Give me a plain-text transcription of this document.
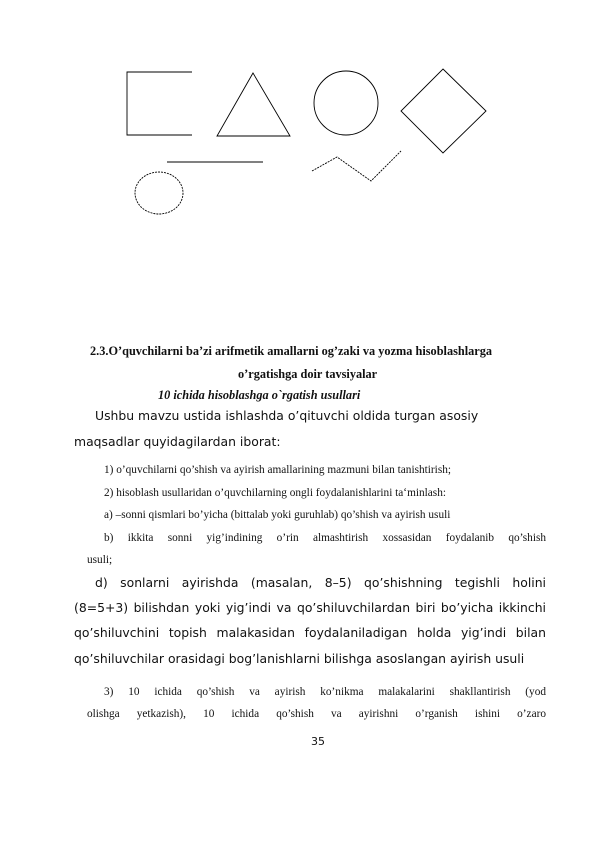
2.3.O’quvchilarni ba’zi arifmetik amallarni og’zaki va yozma hisoblashlarga

o’rgatishga doir tavsiyalar

10 ichida hisoblashga o`rgatish usullari

Ushbu mavzu ustida ishlashda o’qituvchi oldida turgan asosiy

maqsadlar quyidagilardan iborat:

1) o’quvchilarni qo’shish va ayirish amallarining mazmuni bilan tanishtirish;

2) hisoblash usullaridan o’quvchilarning ongli foydalanishlarini ta‘minlash:

a) –sonni qismlari bo’yicha (bittalab yoki guruhlab) qo’shish va ayirish usuli

b) ikkita sonni yig’indining o’rin almashtirish xossasidan foydalanib qo’shish

usuli;

d) sonlarni ayirishda (masalan, 8–5) qo’shishning tegishli holini

(8=5+3) bilishdan yoki yig’indi va qo’shiluvchilardan biri bo’yicha ikkinchi

qo’shiluvchini topish malakasidan foydalaniladigan holda yig’indi bilan

qo’shiluvchilar orasidagi bog’lanishlarni bilishga asoslangan ayirish usuli

3) 10 ichida qo’shish va ayirish ko’nikma malakalarini shakllantirish (yod

olishga yetkazish), 10 ichida qo’shish va ayirishni o’rganish ishini o’zaro

35
